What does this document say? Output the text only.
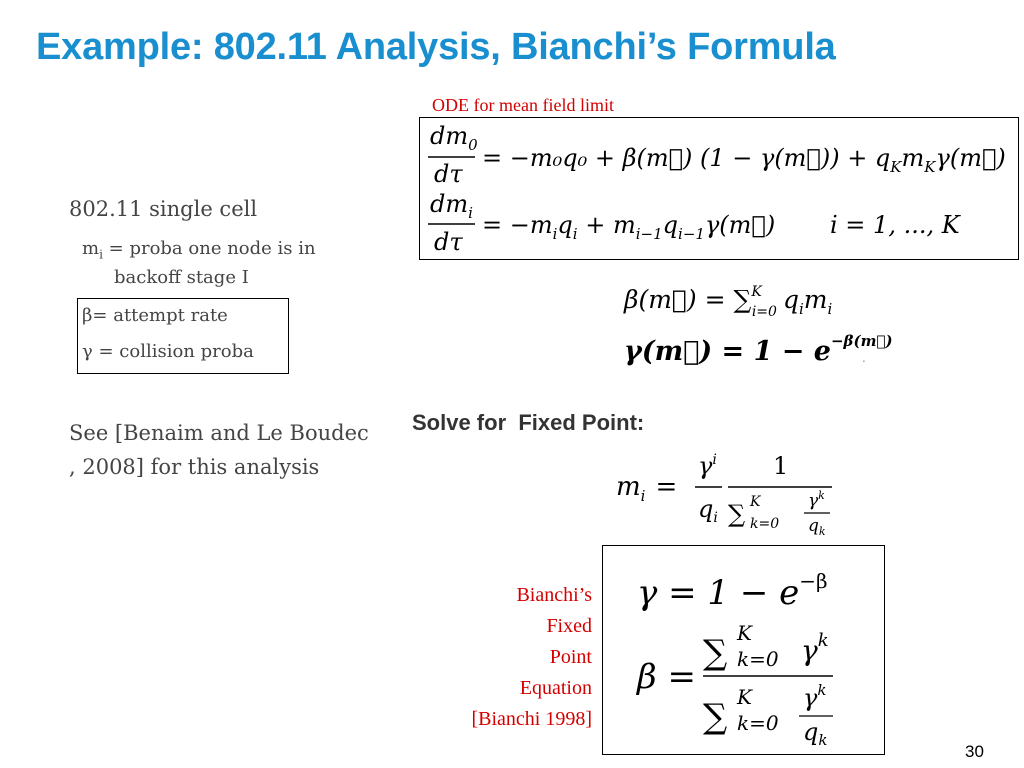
Example: 802.11 Analysis, Bianchi’s Formula
802.11 single cell
$m_i$ = proba one node is in
backoff stage I
β= attempt rate
γ = collision proba
See [Benaim and Le Boudec , 2008] for this analysis
ODE for mean field limit
$dm_0$
dτ
= −m₀q₀ + β(m⃗) (1 − γ(m⃗)) + $q_Km_K\gamma(m⃗)$
$dm_i$
dτ
= $-m_iq_i$ + $m_{i-1}q_{i-1}\gamma(m⃗) i = 1$, ..., K
β(m⃗) = ∑$^K$ i=0 $q_im_i$
γ(m⃗) = $1 - e^{-\beta(m⃗)}$
.
Solve for  Fixed Point:
$m_i$ =
$\gamma^i$
$q_i$
1
∑ K
k=0
$\gamma^k$
$q_k$
Bianchi’s
Fixed
Point
Equation
[Bianchi 1998]
$\gamma = 1 - e^{-\beta}$
β =
∑ K
k=0 $\gamma^k$
∑ K
k=0
$\gamma^k$
$q_k$
30
